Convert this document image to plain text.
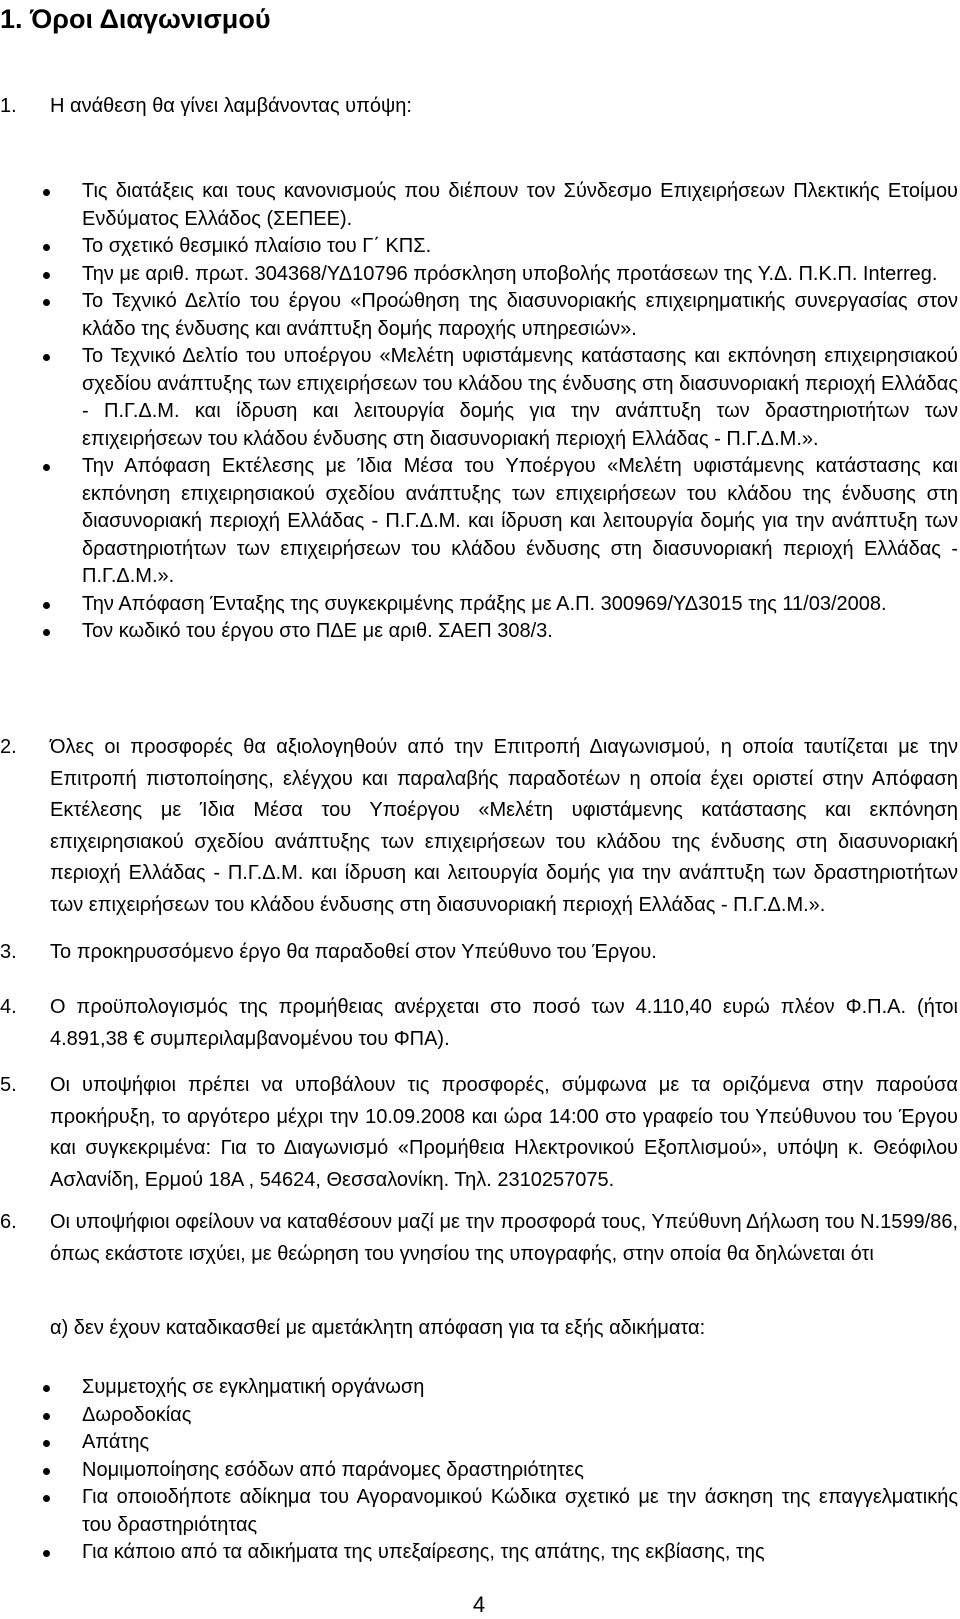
1. Όροι Διαγωνισμού
1. Η ανάθεση θα γίνει λαμβάνοντας υπόψη:
Τις διατάξεις και τους κανονισμούς που διέπουν τον Σύνδεσμο Επιχειρήσεων Πλεκτικής Ετοίμου Ενδύματος Ελλάδος (ΣΕΠΕΕ).
Το σχετικό θεσμικό πλαίσιο του Γ΄ ΚΠΣ.
Την με αριθ. πρωτ. 304368/ΥΔ10796 πρόσκληση υποβολής προτάσεων της Υ.Δ. Π.Κ.Π. Interreg.
Το Τεχνικό Δελτίο του έργου «Προώθηση της διασυνοριακής επιχειρηματικής συνεργασίας στον κλάδο της ένδυσης και ανάπτυξη δομής παροχής υπηρεσιών».
Το Τεχνικό Δελτίο του υποέργου «Μελέτη υφιστάμενης κατάστασης και εκπόνηση επιχειρησιακού σχεδίου ανάπτυξης των επιχειρήσεων του κλάδου της ένδυσης στη διασυνοριακή περιοχή Ελλάδας - Π.Γ.Δ.Μ. και ίδρυση και λειτουργία δομής για την ανάπτυξη των δραστηριοτήτων των επιχειρήσεων του κλάδου ένδυσης στη διασυνοριακή περιοχή Ελλάδας - Π.Γ.Δ.Μ.».
Την Απόφαση Εκτέλεσης με Ίδια Μέσα του Υποέργου «Μελέτη υφιστάμενης κατάστασης και εκπόνηση επιχειρησιακού σχεδίου ανάπτυξης των επιχειρήσεων του κλάδου της ένδυσης στη διασυνοριακή περιοχή Ελλάδας - Π.Γ.Δ.Μ. και ίδρυση και λειτουργία δομής για την ανάπτυξη των δραστηριοτήτων των επιχειρήσεων του κλάδου ένδυσης στη διασυνοριακή περιοχή Ελλάδας - Π.Γ.Δ.Μ.».
Την Απόφαση Ένταξης της συγκεκριμένης πράξης με Α.Π. 300969/ΥΔ3015 της 11/03/2008.
Τον κωδικό του έργου στο ΠΔΕ με αριθ. ΣΑΕΠ 308/3.
2. Όλες οι προσφορές θα αξιολογηθούν από την Επιτροπή Διαγωνισμού, η οποία ταυτίζεται με την Επιτροπή πιστοποίησης, ελέγχου και παραλαβής παραδοτέων η οποία έχει οριστεί στην Απόφαση Εκτέλεσης με Ίδια Μέσα του Υποέργου «Μελέτη υφιστάμενης κατάστασης και εκπόνηση επιχειρησιακού σχεδίου ανάπτυξης των επιχειρήσεων του κλάδου της ένδυσης στη διασυνοριακή περιοχή Ελλάδας - Π.Γ.Δ.Μ. και ίδρυση και λειτουργία δομής για την ανάπτυξη των δραστηριοτήτων των επιχειρήσεων του κλάδου ένδυσης στη διασυνοριακή περιοχή Ελλάδας - Π.Γ.Δ.Μ.».
3. Το προκηρυσσόμενο έργο θα παραδοθεί στον Υπεύθυνο του Έργου.
4. Ο προϋπολογισμός της προμήθειας ανέρχεται στο ποσό των 4.110,40 ευρώ πλέον Φ.Π.Α. (ήτοι 4.891,38 € συμπεριλαμβανομένου του ΦΠΑ).
5. Οι υποψήφιοι πρέπει να υποβάλουν τις προσφορές, σύμφωνα με τα οριζόμενα στην παρούσα προκήρυξη, το αργότερο μέχρι την 10.09.2008 και ώρα 14:00 στο γραφείο του Υπεύθυνου του Έργου και συγκεκριμένα: Για το Διαγωνισμό «Προμήθεια Ηλεκτρονικού Εξοπλισμού», υπόψη κ. Θεόφιλου Ασλανίδη, Ερμού 18Α , 54624, Θεσσαλονίκη. Τηλ. 2310257075.
6. Οι υποψήφιοι οφείλουν να καταθέσουν μαζί με την προσφορά τους, Υπεύθυνη Δήλωση του Ν.1599/86, όπως εκάστοτε ισχύει, με θεώρηση του γνησίου της υπογραφής, στην οποία θα δηλώνεται ότι
α) δεν έχουν καταδικασθεί με αμετάκλητη απόφαση για τα εξής αδικήματα:
Συμμετοχής σε εγκληματική οργάνωση
Δωροδοκίας
Απάτης
Νομιμοποίησης εσόδων από παράνομες δραστηριότητες
Για οποιοδήποτε αδίκημα του Αγορανομικού Κώδικα σχετικό με την άσκηση της επαγγελματικής του δραστηριότητας
Για κάποιο από τα αδικήματα της υπεξαίρεσης, της απάτης, της εκβίασης, της
4
